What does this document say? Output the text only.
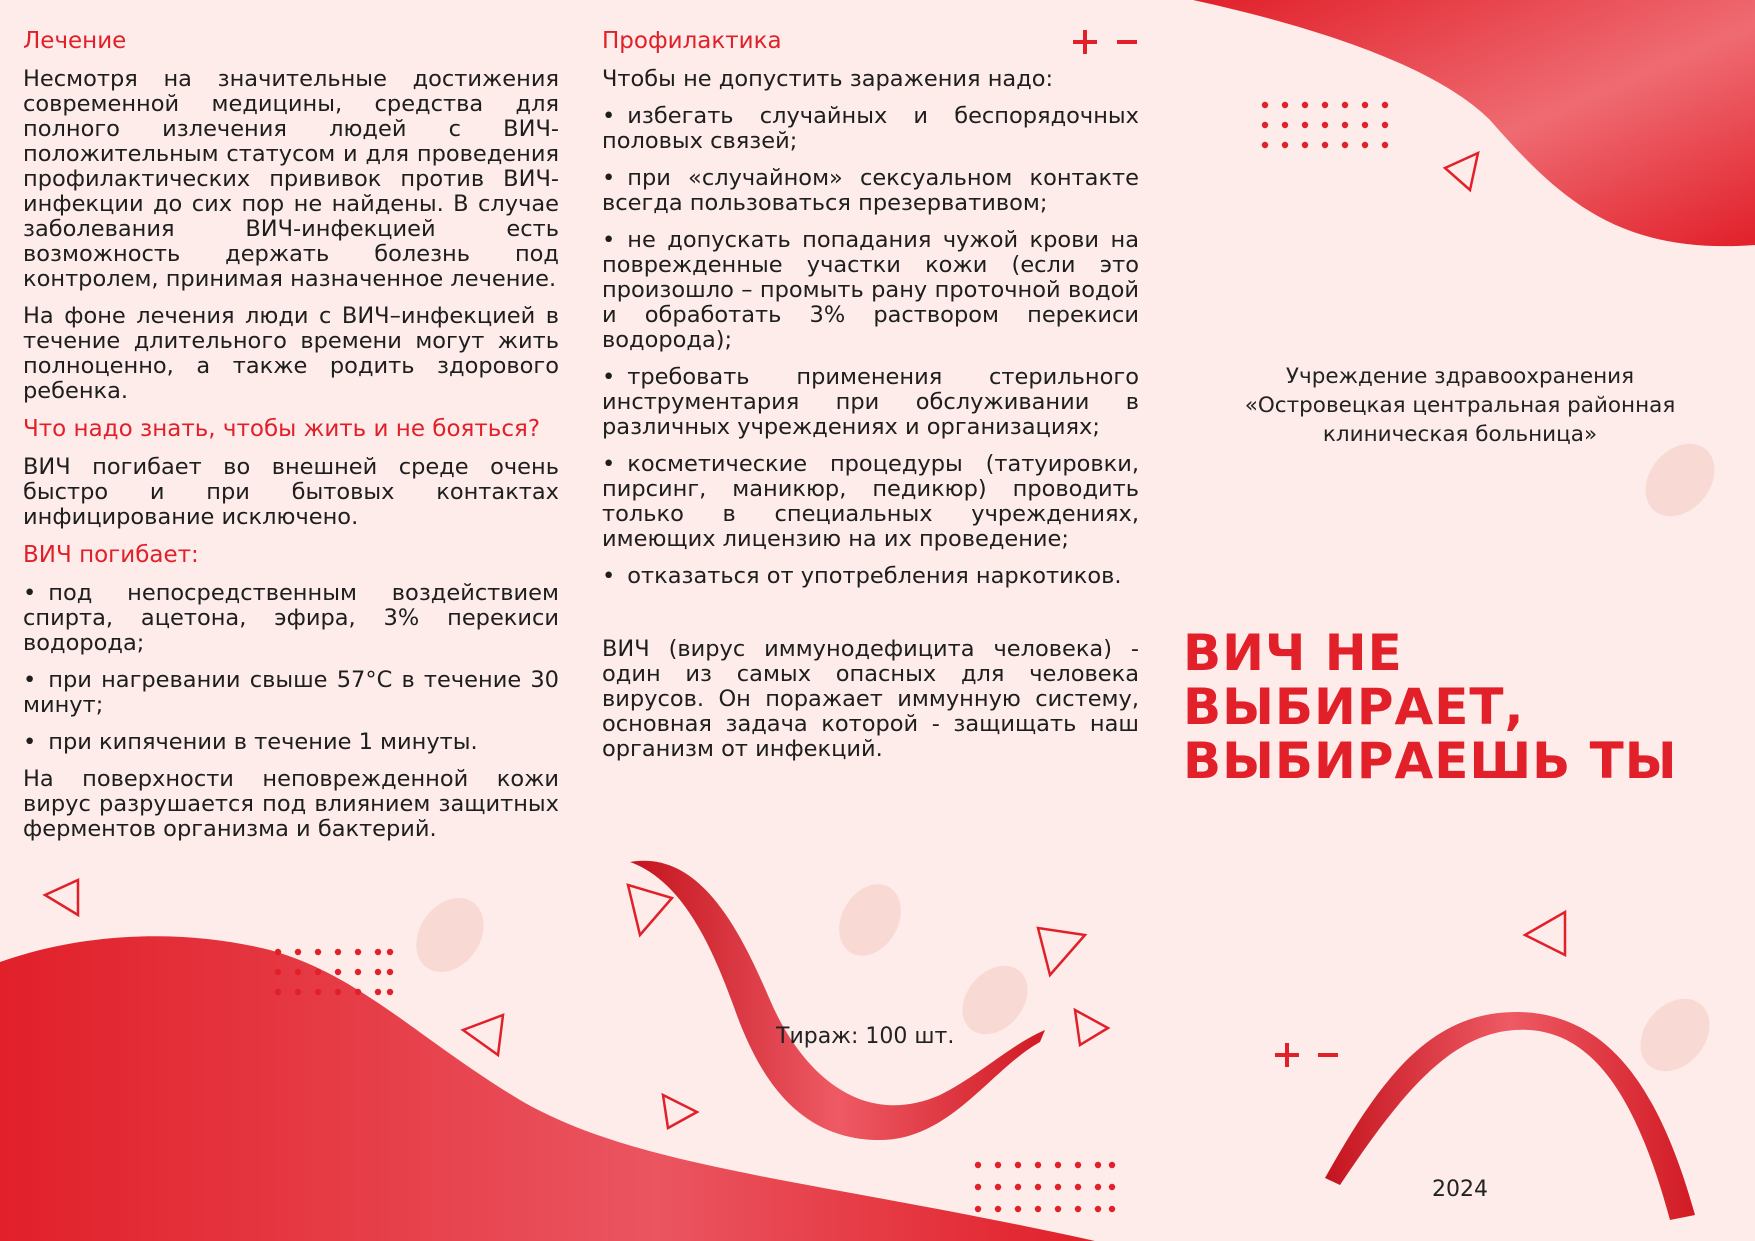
Лечение

Несмотря на значительные достижения современной медицины, средства для полного излечения людей с ВИЧ-положительным статусом и для проведения профилактических прививок против ВИЧ-инфекции до сих пор не найдены. В случае заболевания ВИЧ-инфекцией есть возможность держать болезнь под контролем, принимая назначенное лечение.

На фоне лечения люди с ВИЧ–инфекцией в течение длительного времени могут жить полноценно, а также родить здорового ребенка.

Что надо знать, чтобы жить и не бояться?

ВИЧ погибает во внешней среде очень быстро и при бытовых контактах инфицирование исключено.

ВИЧ погибает:
• под непосредственным воздействием спирта, ацетона, эфира, 3% перекиси водорода;
• при нагревании свыше 57°С в течение 30 минут;
• при кипячении в течение 1 минуты.

На поверхности неповрежденной кожи вирус разрушается под влиянием защитных ферментов организма и бактерий.

Профилактика

Чтобы не допустить заражения надо:

• избегать случайных и беспорядочных половых связей;
• при «случайном» сексуальном контакте всегда пользоваться презервативом;
• не допускать попадания чужой крови на поврежденные участки кожи (если это произошло – промыть рану проточной водой и обработать 3% раствором перекиси водорода);
• требовать применения стерильного инструментария при обслуживании в различных учреждениях и организациях;
• косметические процедуры (татуировки, пирсинг, маникюр, педикюр) проводить только в специальных учреждениях, имеющих лицензию на их проведение;
• отказаться от употребления наркотиков.

ВИЧ (вирус иммунодефицита человека) - один из самых опасных для человека вирусов. Он поражает иммунную систему, основная задача которой - защищать наш организм от инфекций.

Тираж: 100 шт.
Учреждение здравоохранения
«Островецкая центральная районная
клиническая больница»
ВИЧ НЕ ВЫБИРАЕТ,
ВЫБИРАЕШЬ ТЫ
2024
